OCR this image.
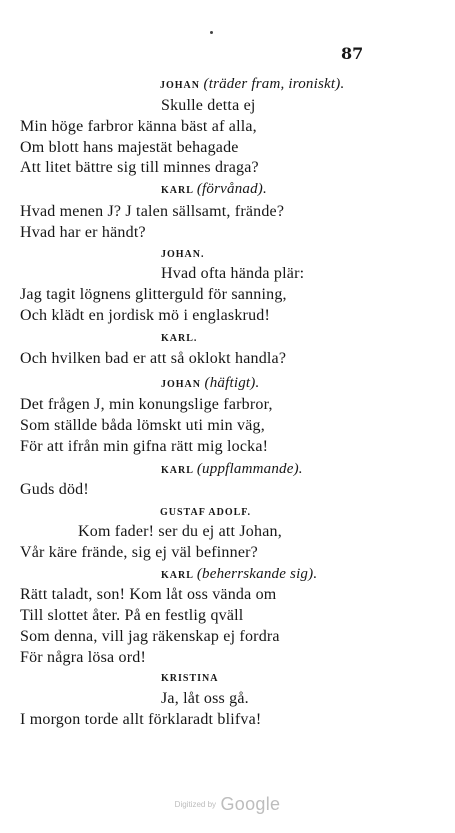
87
JOHAN (träder fram, ironiskt).
Skulle detta ej
Min höge farbror känna bäst af alla,
Om blott hans majestät behagade
Att litet bättre sig till minnes draga?
KARL (förvånad).
Hvad menen J? J talen sällsamt, frände?
Hvad har er händt?
JOHAN.
Hvad ofta hända plär:
Jag tagit lögnens glitterguld för sanning,
Och klädt en jordisk mö i englaskrud!
KARL.
Och hvilken bad er att så oklokt handla?
JOHAN (häftigt).
Det frågen J, min konungslige farbror,
Som ställde båda lömskt uti min väg,
För att ifrån min gifna rätt mig locka!
KARL (uppflammande).
Guds död!
GUSTAF ADOLF.
Kom fader! ser du ej att Johan,
Vår käre frände, sig ej väl befinner?
KARL (beherrskande sig).
Rätt taladt, son! Kom låt oss vända om
Till slottet åter. På en festlig qväll
Som denna, vill jag räkenskap ej fordra
För några lösa ord!
KRISTINA
Ja, låt oss gå.
I morgon torde allt förklaradt blifva!
Digitized by Google
